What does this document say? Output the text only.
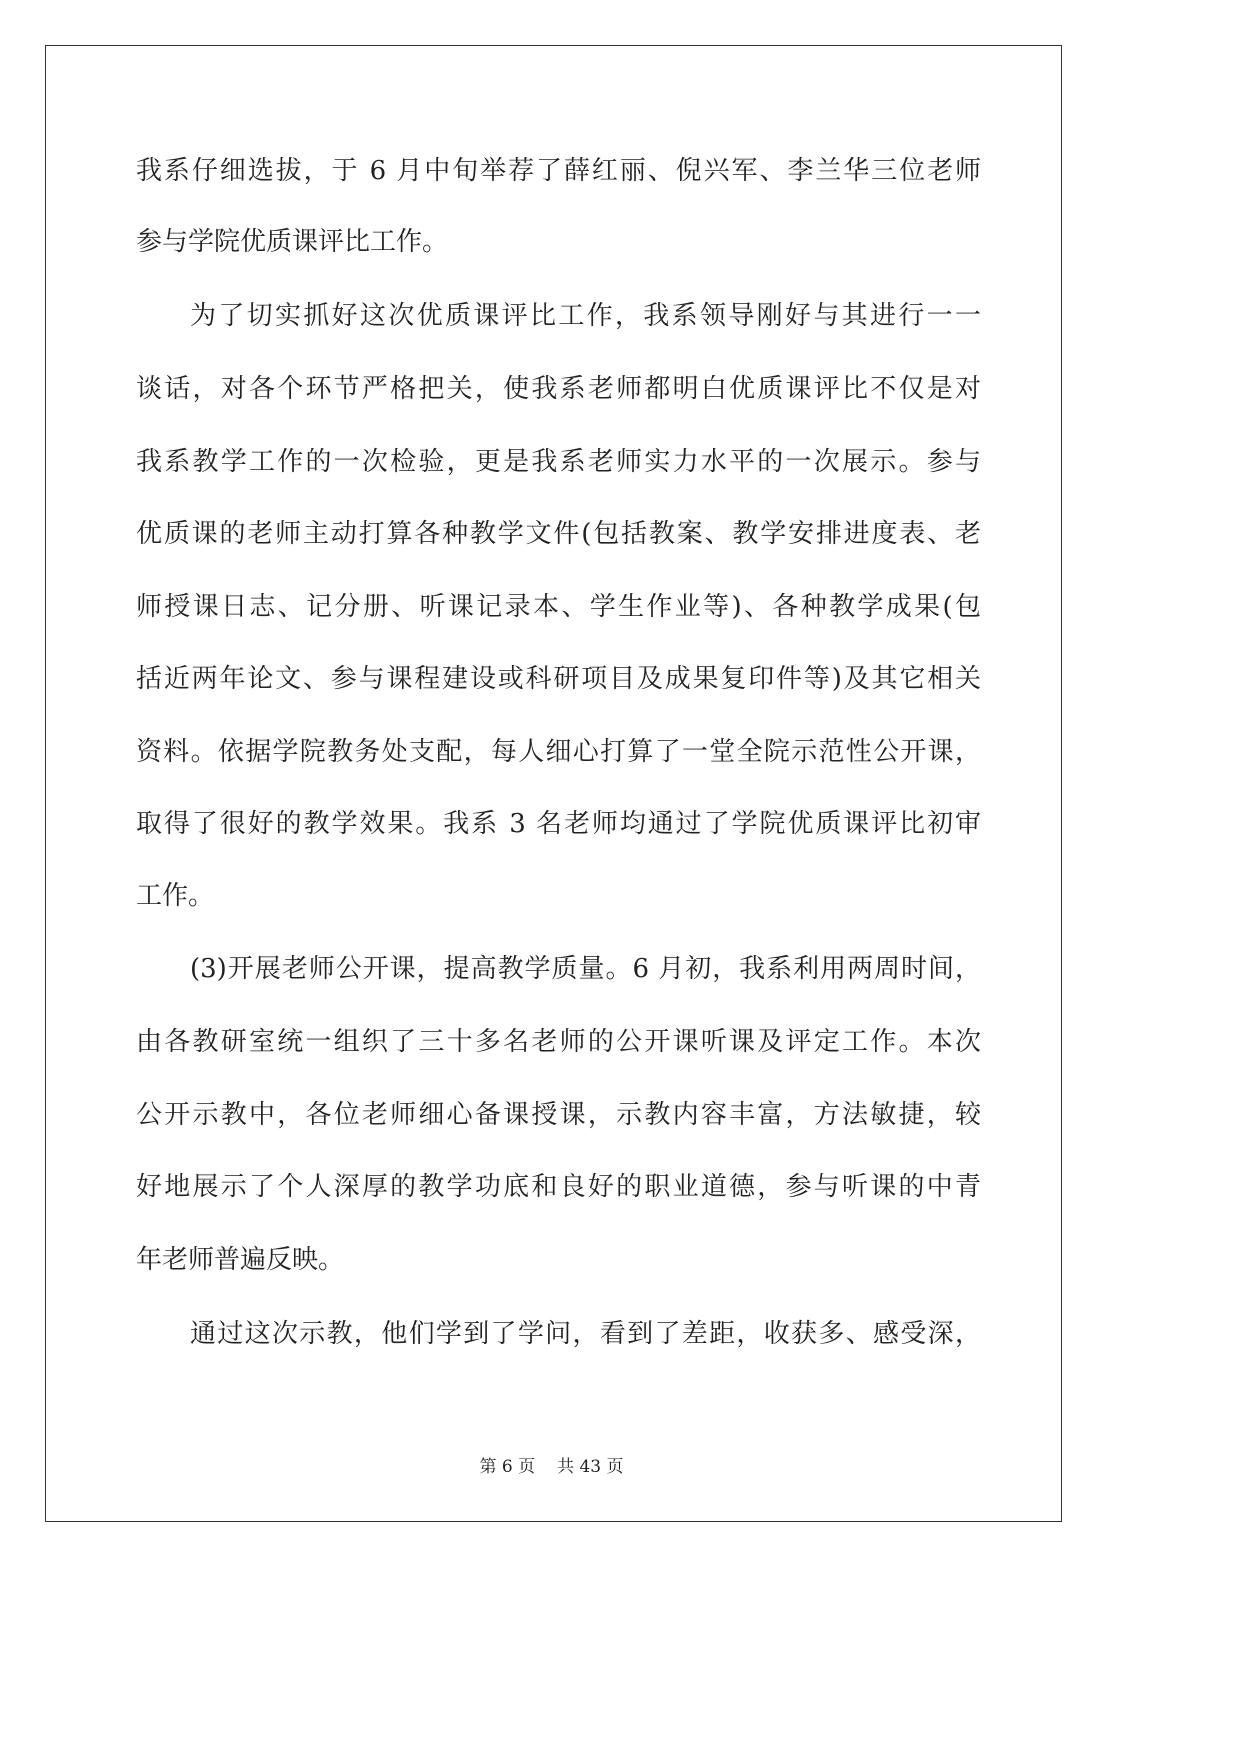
我系仔细选拔，于 6 月中旬举荐了薛红丽、倪兴军、李兰华三位老师
参与学院优质课评比工作。
为了切实抓好这次优质课评比工作，我系领导刚好与其进行一一
谈话，对各个环节严格把关，使我系老师都明白优质课评比不仅是对
我系教学工作的一次检验，更是我系老师实力水平的一次展示。参与
优质课的老师主动打算各种教学文件(包括教案、教学安排进度表、老
师授课日志、记分册、听课记录本、学生作业等)、各种教学成果(包
括近两年论文、参与课程建设或科研项目及成果复印件等)及其它相关
资料。依据学院教务处支配，每人细心打算了一堂全院示范性公开课，
取得了很好的教学效果。我系 3 名老师均通过了学院优质课评比初审
工作。
(3)开展老师公开课，提高教学质量。6 月初，我系利用两周时间，
由各教研室统一组织了三十多名老师的公开课听课及评定工作。本次
公开示教中，各位老师细心备课授课，示教内容丰富，方法敏捷，较
好地展示了个人深厚的教学功底和良好的职业道德，参与听课的中青
年老师普遍反映。
通过这次示教，他们学到了学问，看到了差距，收获多、感受深，
第 6 页 共 43 页
